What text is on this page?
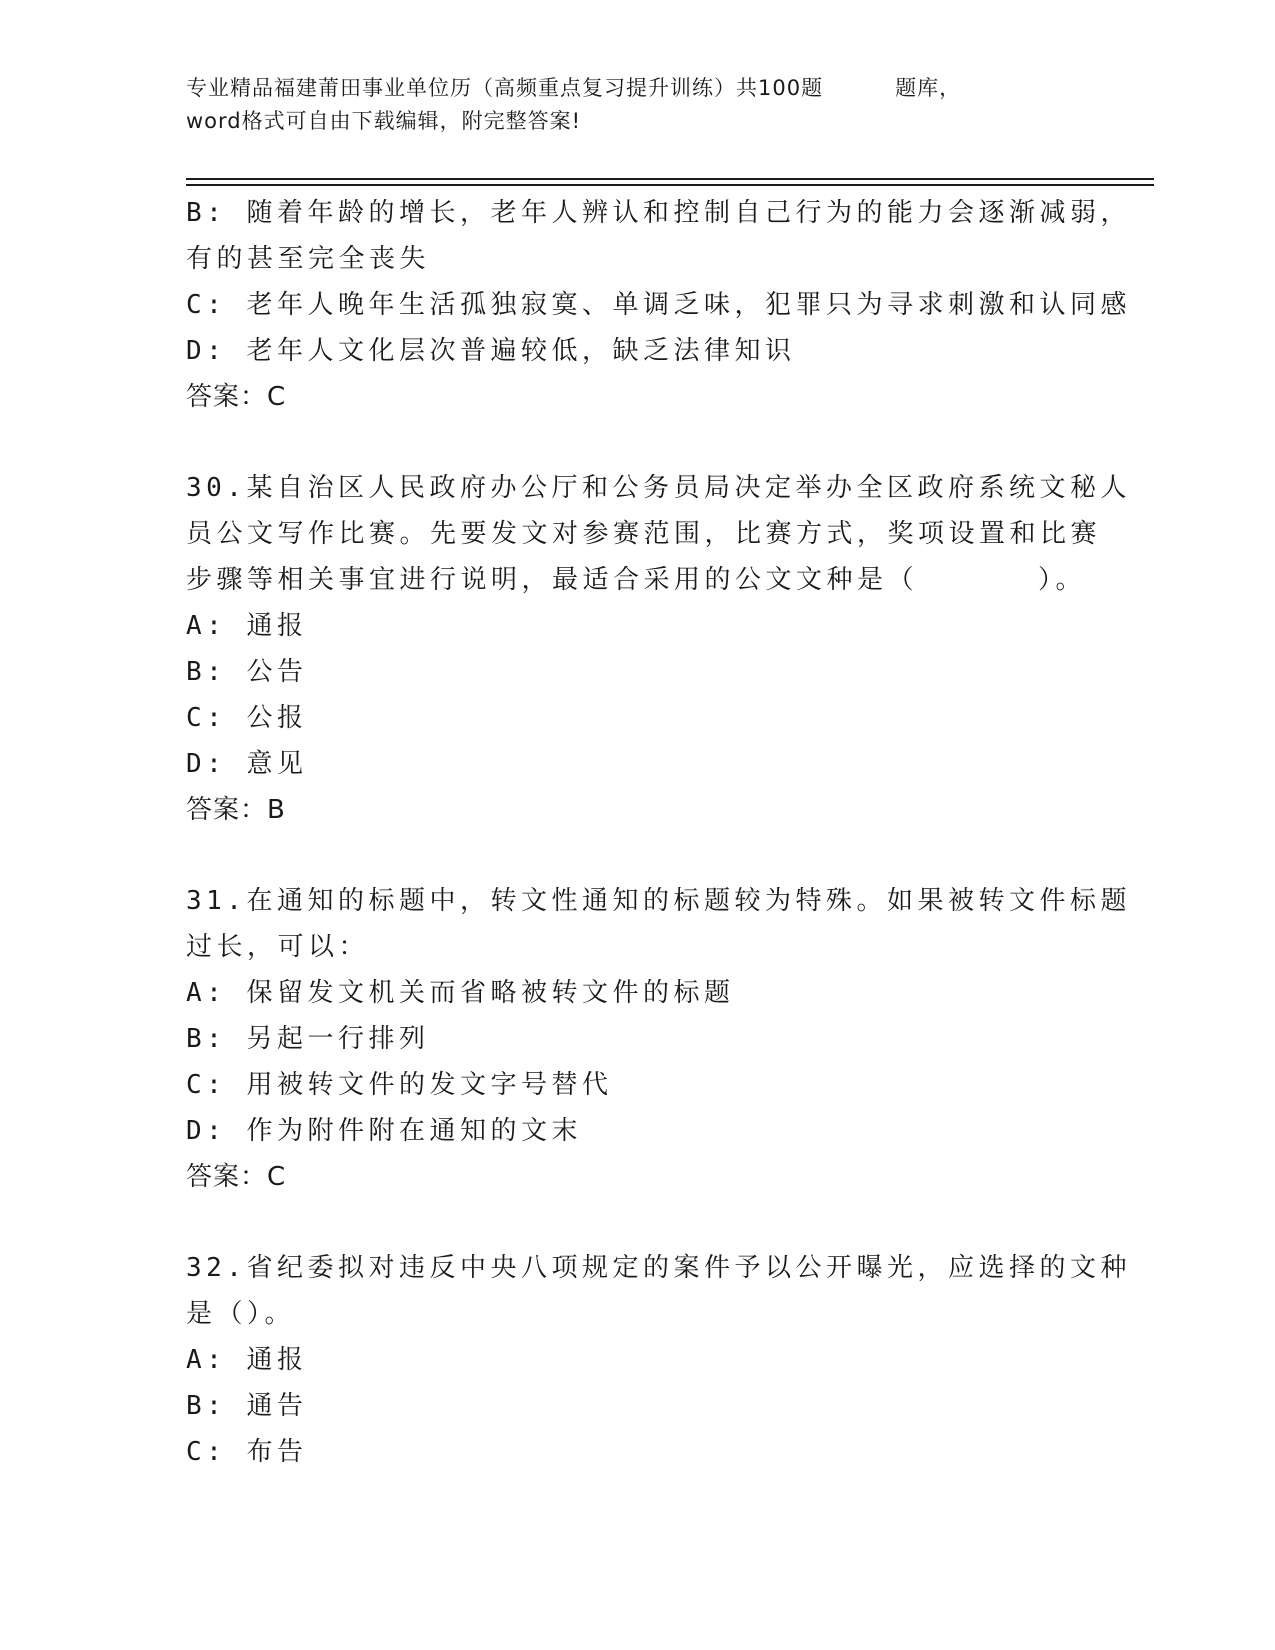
专业精品福建莆田事业单位历（高频重点复习提升训练）共100题	题库，
word格式可自由下载编辑，附完整答案!
B: 随着年龄的增长，老年人辨认和控制自己行为的能力会逐渐减弱，
有的甚至完全丧失
C: 老年人晚年生活孤独寂寞、单调乏味，犯罪只为寻求刺激和认同感
D: 老年人文化层次普遍较低，缺乏法律知识
答案：C
30.某自治区人民政府办公厅和公务员局决定举办全区政府系统文秘人
员公文写作比赛。先要发文对参赛范围，比赛方式，奖项设置和比赛
步骤等相关事宜进行说明，最适合采用的公文文种是（	）。
A: 通报
B: 公告
C: 公报
D: 意见
答案：B
31.在通知的标题中，转文性通知的标题较为特殊。如果被转文件标题
过长，可以：
A: 保留发文机关而省略被转文件的标题
B: 另起一行排列
C: 用被转文件的发文字号替代
D: 作为附件附在通知的文末
答案：C
32.省纪委拟对违反中央八项规定的案件予以公开曝光，应选择的文种
是（）。
A: 通报
B: 通告
C: 布告
